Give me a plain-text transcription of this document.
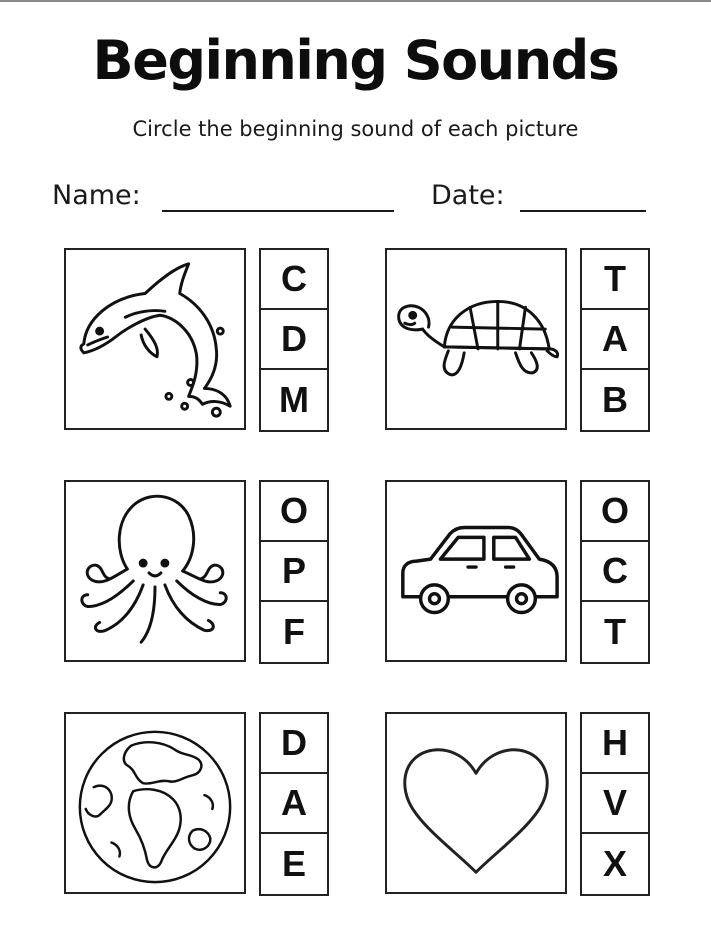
Beginning Sounds
Circle the beginning sound of each picture
Name:	Date:
C
D
M
T
A
B
O
P
F
O
C
T
D
A
E
H
V
X
